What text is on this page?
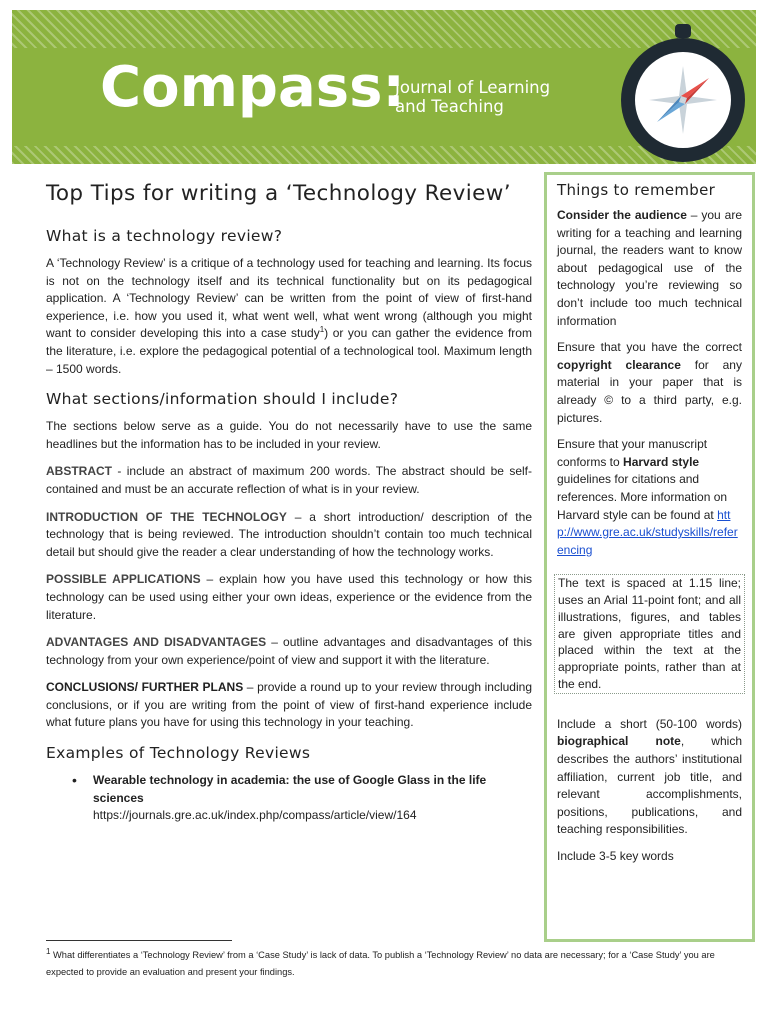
Compass:
Journal of Learning
and Teaching
Top Tips for writing a ‘Technology Review’
What is a technology review?

A ‘Technology Review’ is a critique of a technology used for teaching and learning. Its focus is not on the technology itself and its technical functionality but on its pedagogical application. A ‘Technology Review’ can be written from the point of view of first-hand experience, i.e. how you used it, what went well, what went wrong (although you might want to consider developing this into a case study$^1$) or you can gather the evidence from the literature, i.e. explore the pedagogical potential of a technological tool. Maximum length – 1500 words.

What sections/information should I include?

The sections below serve as a guide. You do not necessarily have to use the same headlines but the information has to be included in your review.

ABSTRACT - include an abstract of maximum 200 words. The abstract should be self-contained and must be an accurate reflection of what is in your review.

INTRODUCTION OF THE TECHNOLOGY – a short introduction/ description of the technology that is being reviewed. The introduction shouldn’t contain too much technical detail but should give the reader a clear understanding of how the technology works.

POSSIBLE APPLICATIONS – explain how you have used this technology or how this technology can be used using either your own ideas, experience or the evidence from the literature.

ADVANTAGES AND DISADVANTAGES – outline advantages and disadvantages of this technology from your own experience/point of view and support it with the literature.

CONCLUSIONS/ FURTHER PLANS – provide a round up to your review through including conclusions, or if you are writing from the point of view of first-hand experience include what future plans you have for using this technology in your teaching.

Examples of Technology Reviews
• Wearable technology in academia: the use of Google Glass in the life sciences
https://journals.gre.ac.uk/index.php/compass/article/view/164
$^1$ What differentiates a ‘Technology Review’ from a ‘Case Study’ is lack of data. To publish a ‘Technology Review’ no data are necessary; for a ‘Case Study’ you are expected to provide an evaluation and present your findings.
Things to remember

Consider the audience – you are writing for a teaching and learning journal, the readers want to know about pedagogical use of the technology you’re reviewing so don’t include too much technical information

Ensure that you have the correct copyright clearance for any material in your paper that is already © to a third party, e.g. pictures.

Ensure that your manuscript conforms to Harvard style guidelines for citations and references. More information on Harvard style can be found at http://www.gre.ac.uk/studyskills/referencing

The text is spaced at 1.15 line; uses an Arial 11-point font; and all illustrations, figures, and tables are given appropriate titles and placed within the text at the appropriate points, rather than at the end.

Include a short (50-100 words) biographical note, which describes the authors’ institutional affiliation, current job title, and relevant accomplishments, positions, publications, and teaching responsibilities.

Include 3-5 key words
